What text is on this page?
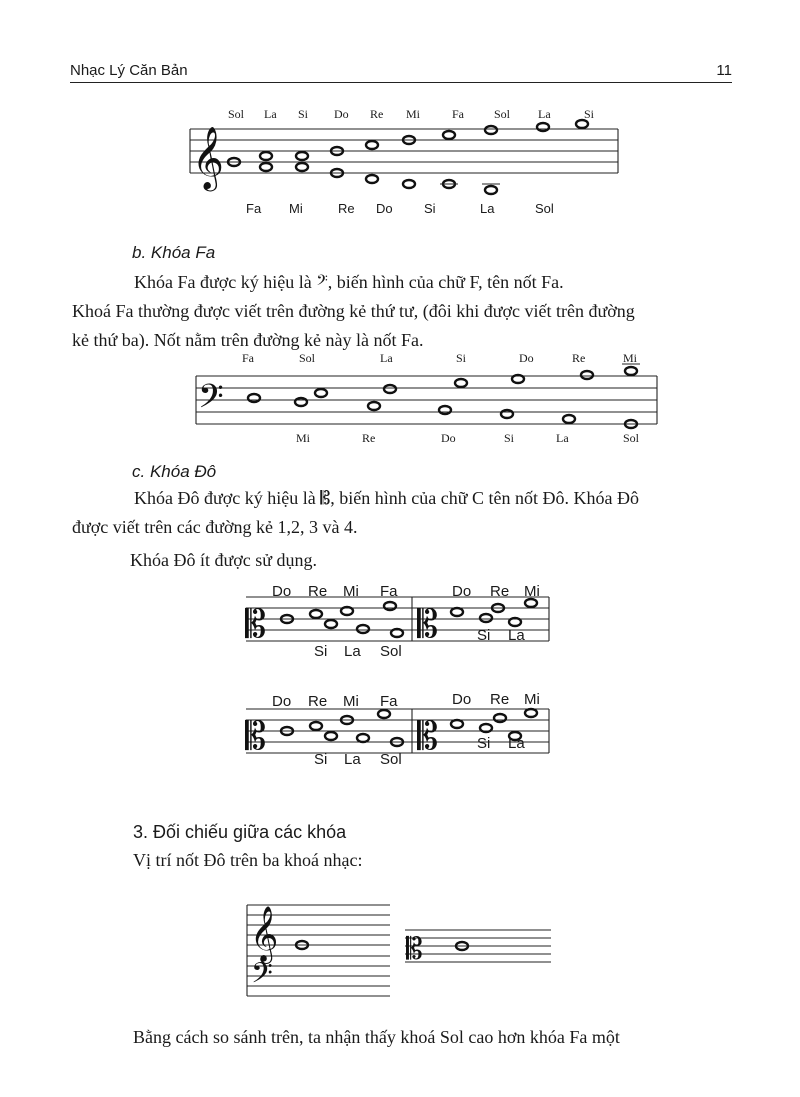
Nhạc Lý Căn Bản	11
𝄞
Sol La Si Do Re Mi	Fa	Sol La	Si
Fa Mi	Re Do Si	La	Sol
b. Khóa Fa

Khóa Fa được ký hiệu là 𝄢, biến hình của chữ F, tên nốt Fa.

Khoá Fa thường được viết trên đường kẻ thứ tư, (đôi khi được viết trên đường

kẻ thứ ba). Nốt nằm trên đường kẻ này là nốt Fa.

𝄢
Fa	Sol	La	Si	Do	Re	Mi
Mi	Re	Do	Si	La	Sol
c. Khóa Đô

Khóa Đô được ký hiệu là 𝄡, biến hình của chữ C tên nốt Đô. Khóa Đô

được viết trên các đường kẻ 1,2, 3 và 4.

Khóa Đô ít được sử dụng.

𝄡	𝄡
𝄡	𝄡
Do Re Mi Fa
Si La Sol
Do Re Mi
Si La
Do Re Mi Fa
Si La Sol
Do Re Mi
Si La
3. Đối chiếu giữa các khóa

Vị trí nốt Đô trên ba khoá nhạc:

𝄞
𝄢
𝄡

Bằng cách so sánh trên, ta nhận thấy khoá Sol cao hơn khóa Fa một
